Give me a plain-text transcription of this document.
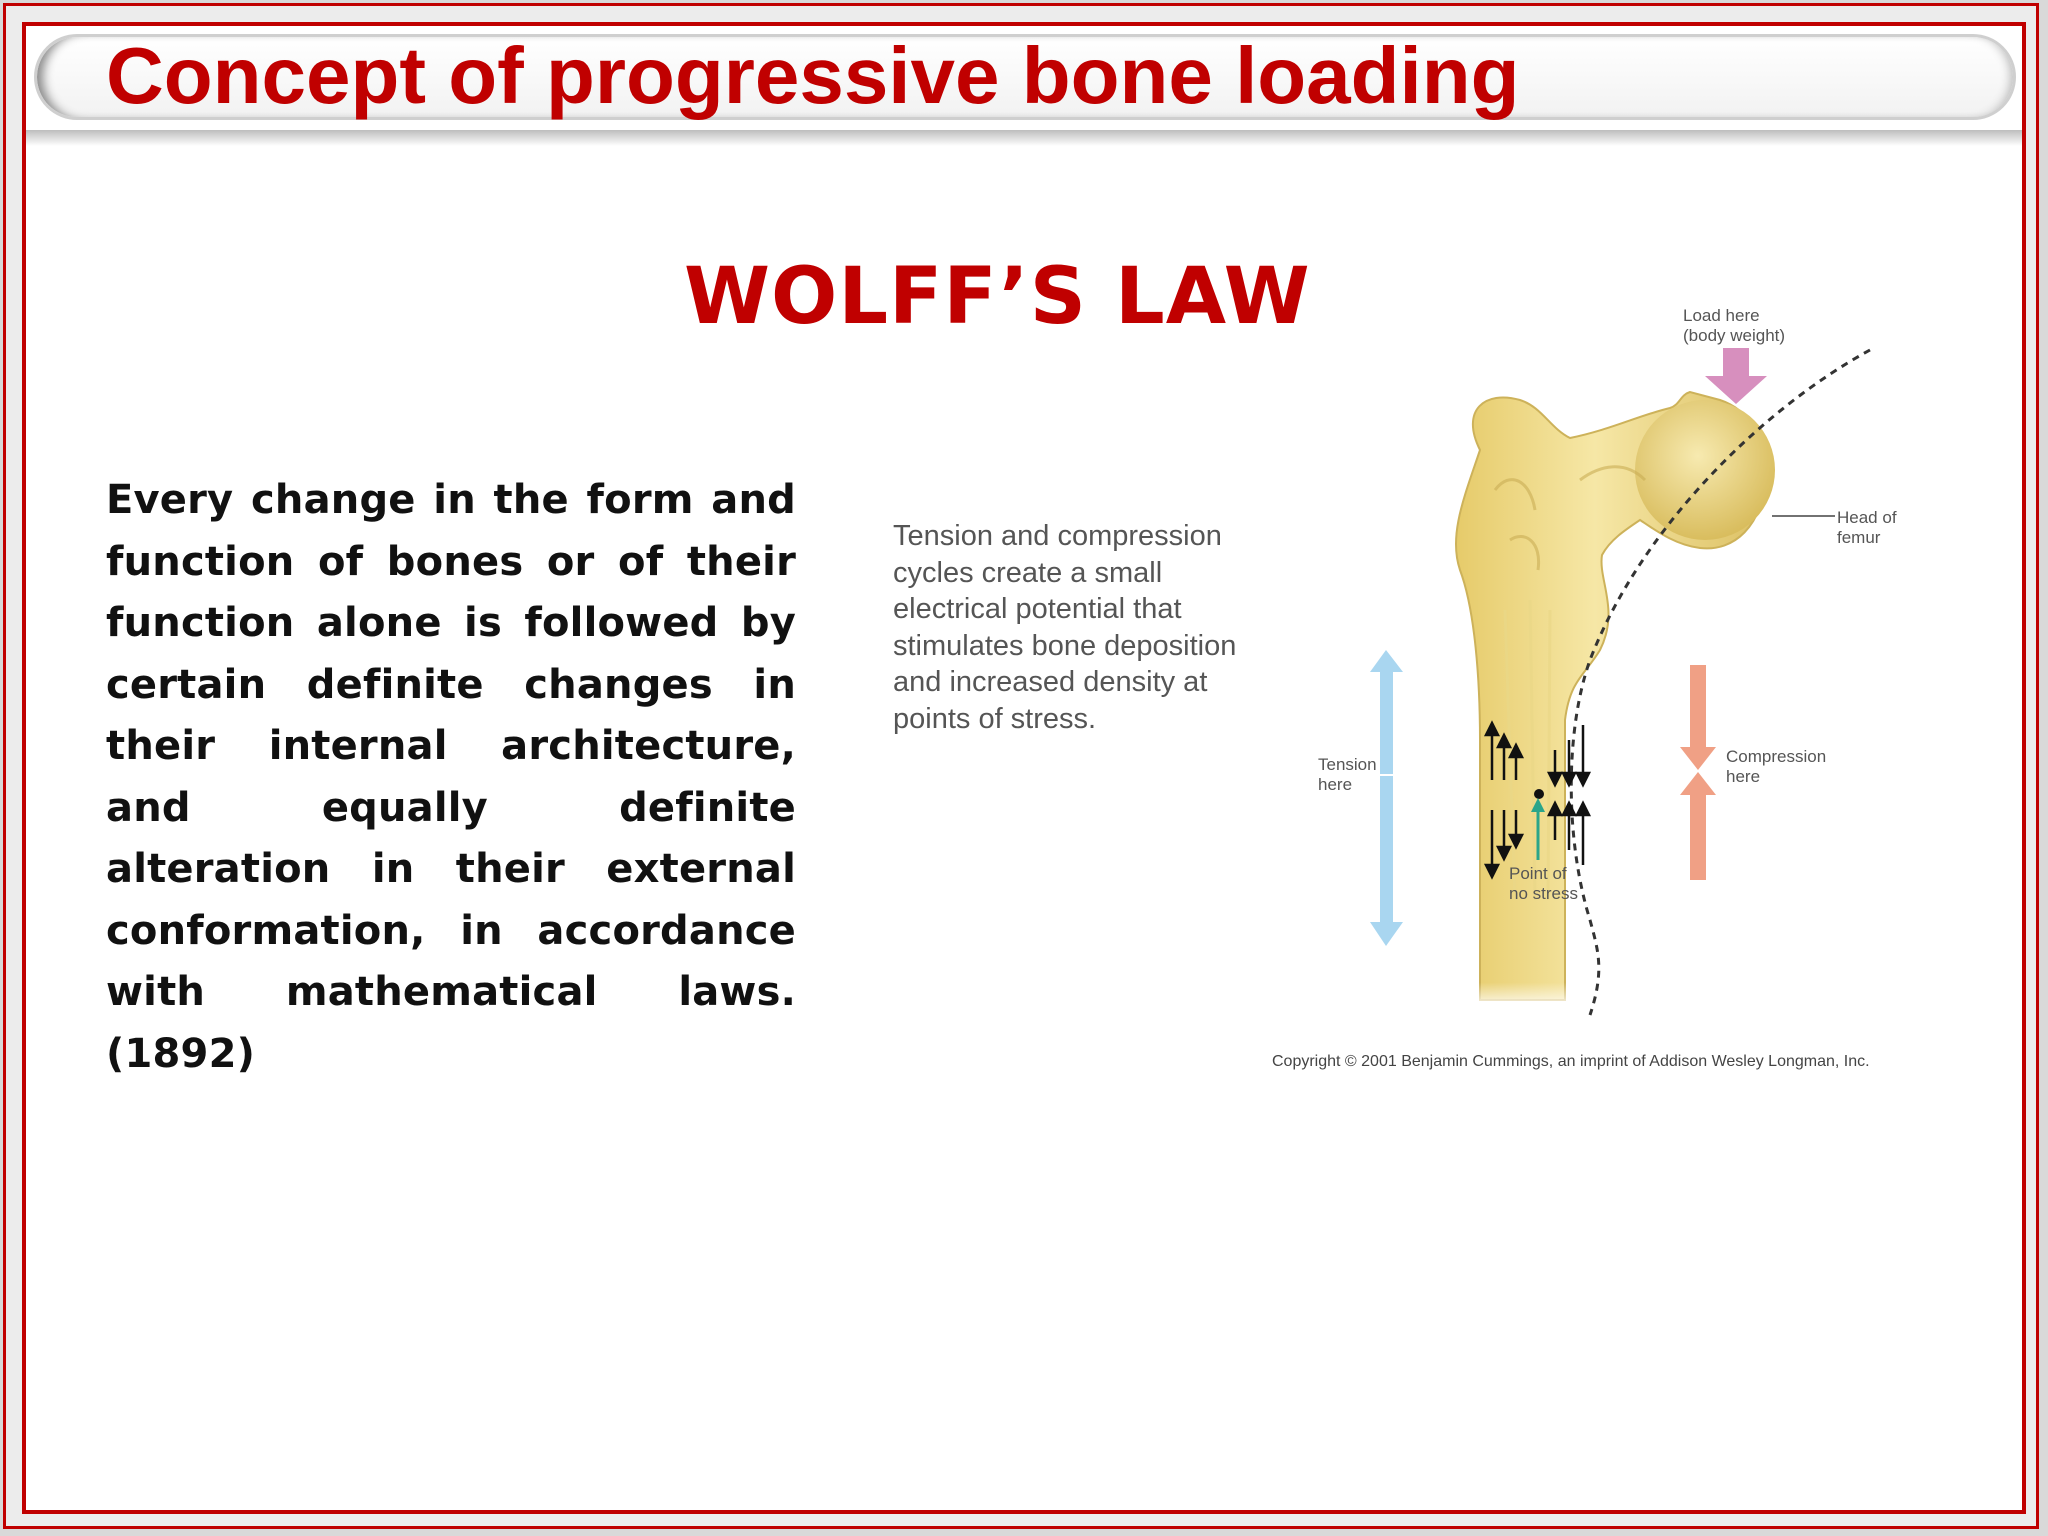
Concept of progressive bone loading
WOLFF’S LAW
Every change in the form and function of bones or of their function alone is followed by certain definite changes in their internal architecture, and equally definite alteration in their external conformation, in accordance with mathematical laws. (1892)
Tension and compression cycles create a small electrical potential that stimulates bone deposition and increased density at points of stress.
Load here
(body weight)
Head of
femur
Tension
here
Compression
here
Point of
no stress
Copyright © 2001 Benjamin Cummings, an imprint of Addison Wesley Longman, Inc.
